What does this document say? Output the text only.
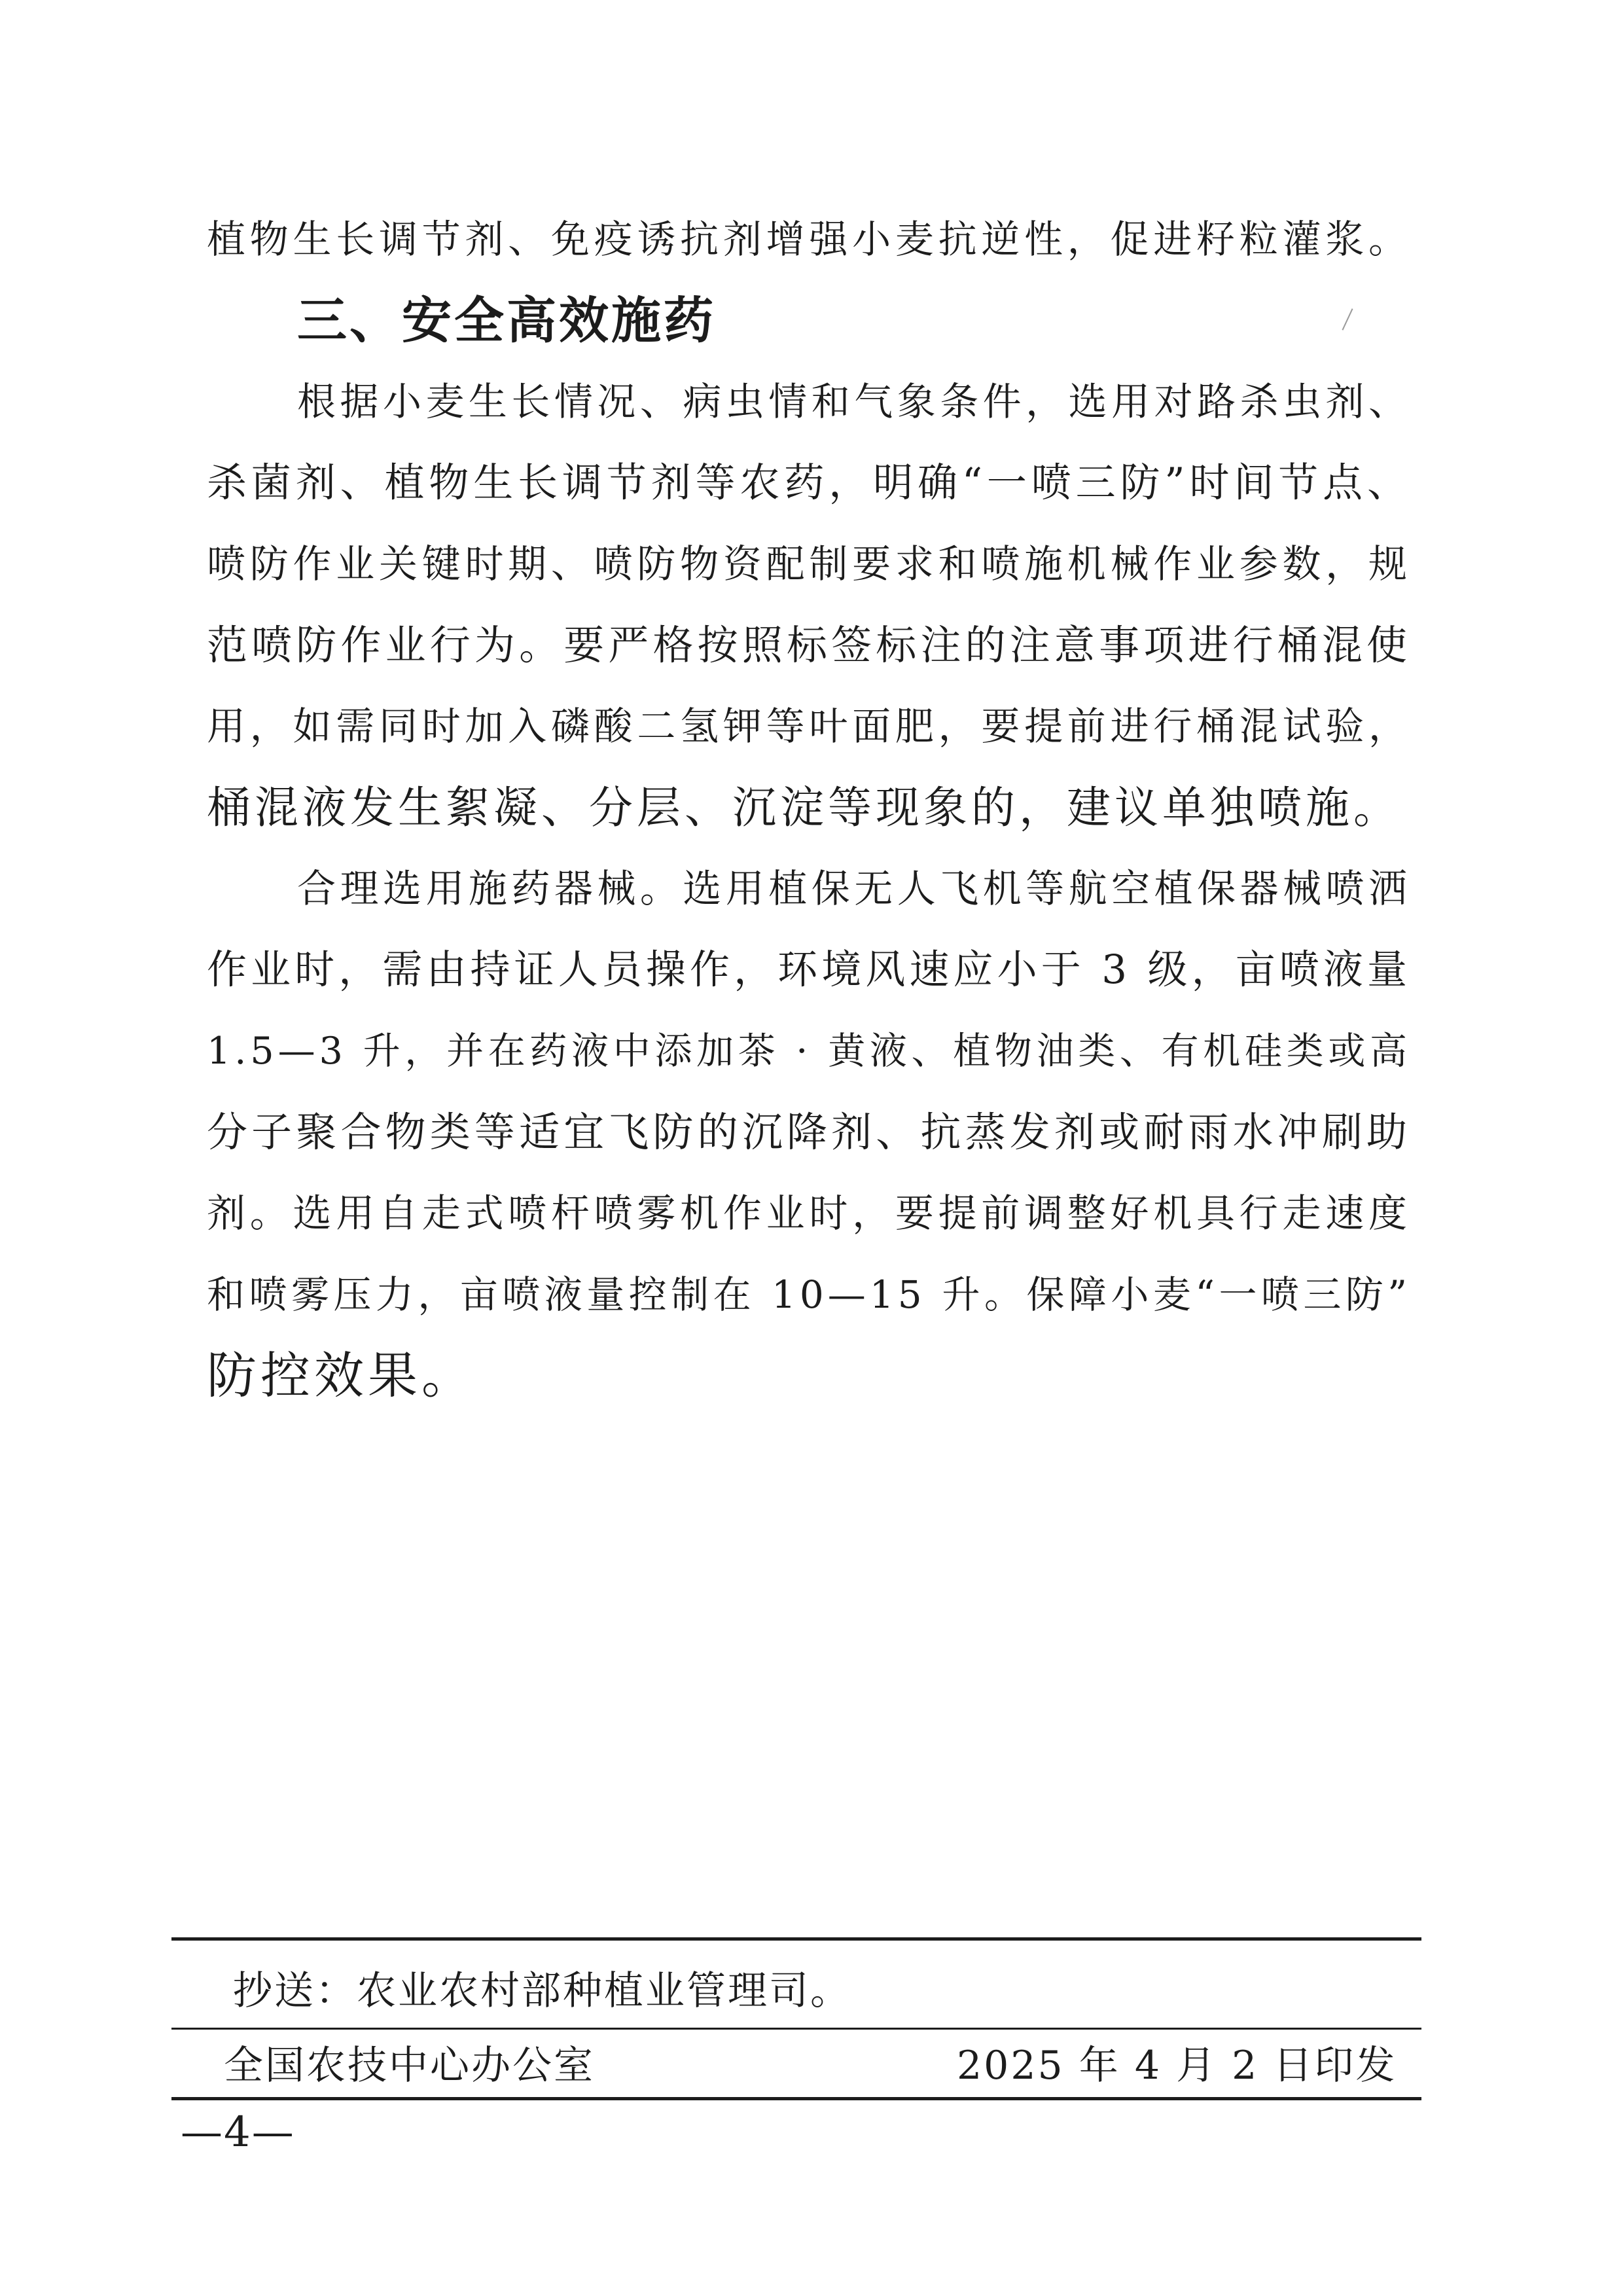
植物生长调节剂、免疫诱抗剂增强小麦抗逆性，促进籽粒灌浆。
三、安全高效施药
根据小麦生长情况、病虫情和气象条件，选用对路杀虫剂、
杀菌剂、植物生长调节剂等农药，明确“一喷三防”时间节点、
喷防作业关键时期、喷防物资配制要求和喷施机械作业参数，规
范喷防作业行为。要严格按照标签标注的注意事项进行桶混使
用，如需同时加入磷酸二氢钾等叶面肥，要提前进行桶混试验，
桶混液发生絮凝、分层、沉淀等现象的，建议单独喷施。
合理选用施药器械。选用植保无人飞机等航空植保器械喷洒
作业时，需由持证人员操作，环境风速应小于 3 级，亩喷液量
1.5—3 升，并在药液中添加茶 · 黄液、植物油类、有机硅类或高
分子聚合物类等适宜飞防的沉降剂、抗蒸发剂或耐雨水冲刷助
剂。选用自走式喷杆喷雾机作业时，要提前调整好机具行走速度
和喷雾压力，亩喷液量控制在 10—15 升。保障小麦“一喷三防”
防控效果。
抄送：农业农村部种植业管理司。
全国农技中心办公室	2025 年 4 月 2 日印发
—4—
